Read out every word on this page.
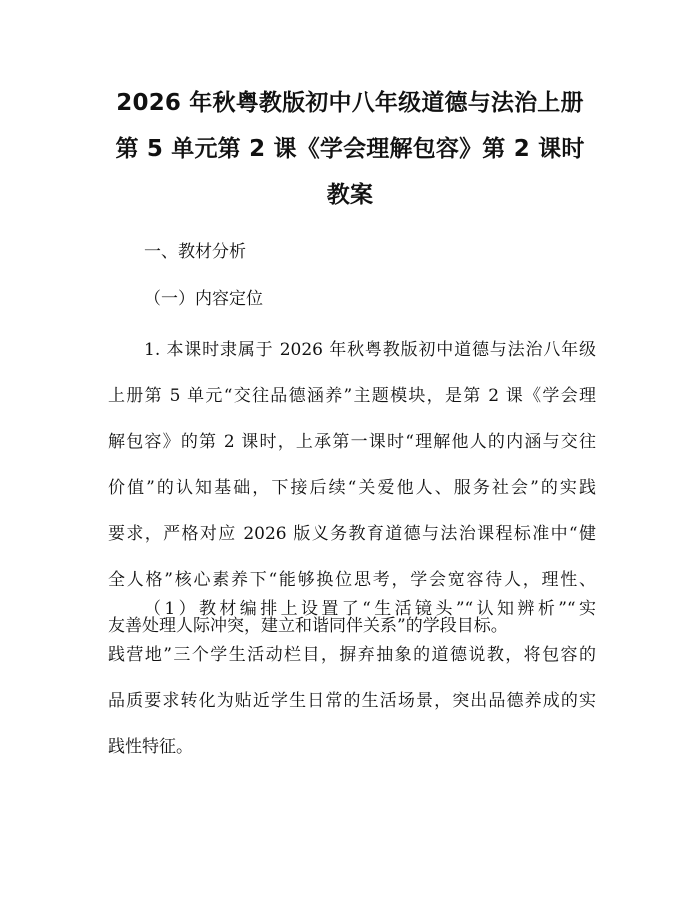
2026 年秋粤教版初中八年级道德与法治上册
第 5 单元第 2 课《学会理解包容》第 2 课时
教案
一、教材分析
（一）内容定位
1. 本课时隶属于 2026 年秋粤教版初中道德与法治八年级
上册第 5 单元“交往品德涵养”主题模块，是第 2 课《学会理
解包容》的第 2 课时，上承第一课时“理解他人的内涵与交往
价值”的认知基础，下接后续“关爱他人、服务社会”的实践
要求，严格对应 2026 版义务教育道德与法治课程标准中“健
全人格”核心素养下“能够换位思考，学会宽容待人，理性、
友善处理人际冲突，建立和谐同伴关系”的学段目标。
（1）教材编排上设置了“生活镜头”“认知辨析”“实
践营地”三个学生活动栏目，摒弃抽象的道德说教，将包容的
品质要求转化为贴近学生日常的生活场景，突出品德养成的实
践性特征。
